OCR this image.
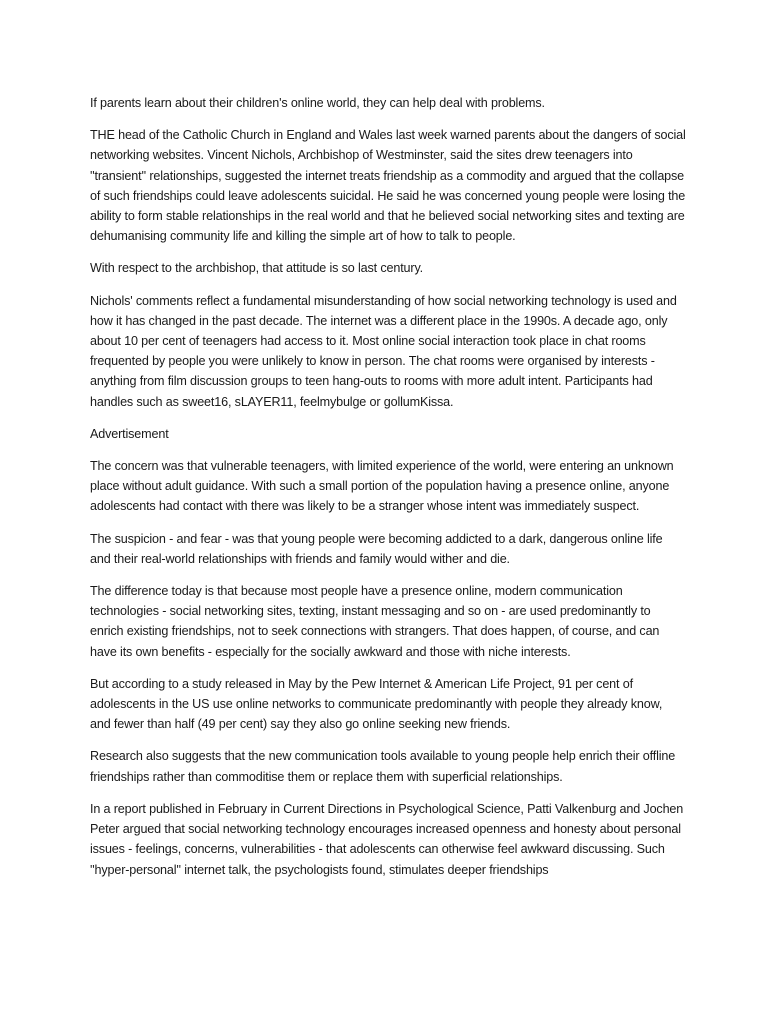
If parents learn about their children's online world, they can help deal with problems.

THE head of the Catholic Church in England and Wales last week warned parents about the dangers of social networking websites. Vincent Nichols, Archbishop of Westminster, said the sites drew teenagers into ''transient'' relationships, suggested the internet treats friendship as a commodity and argued that the collapse of such friendships could leave adolescents suicidal. He said he was concerned young people were losing the ability to form stable relationships in the real world and that he believed social networking sites and texting are dehumanising community life and killing the simple art of how to talk to people.

With respect to the archbishop, that attitude is so last century.

Nichols' comments reflect a fundamental misunderstanding of how social networking technology is used and how it has changed in the past decade. The internet was a different place in the 1990s. A decade ago, only about 10 per cent of teenagers had access to it. Most online social interaction took place in chat rooms frequented by people you were unlikely to know in person. The chat rooms were organised by interests - anything from film discussion groups to teen hang-outs to rooms with more adult intent. Participants had handles such as sweet16, sLAYER11, feelmybulge or gollumKissa.

Advertisement

The concern was that vulnerable teenagers, with limited experience of the world, were entering an unknown place without adult guidance. With such a small portion of the population having a presence online, anyone adolescents had contact with there was likely to be a stranger whose intent was immediately suspect.

The suspicion - and fear - was that young people were becoming addicted to a dark, dangerous online life and their real-world relationships with friends and family would wither and die.

The difference today is that because most people have a presence online, modern communication technologies - social networking sites, texting, instant messaging and so on - are used predominantly to enrich existing friendships, not to seek connections with strangers. That does happen, of course, and can have its own benefits - especially for the socially awkward and those with niche interests.

But according to a study released in May by the Pew Internet & American Life Project, 91 per cent of adolescents in the US use online networks to communicate predominantly with people they already know, and fewer than half (49 per cent) say they also go online seeking new friends.

Research also suggests that the new communication tools available to young people help enrich their offline friendships rather than commoditise them or replace them with superficial relationships.

In a report published in February in Current Directions in Psychological Science, Patti Valkenburg and Jochen Peter argued that social networking technology encourages increased openness and honesty about personal issues - feelings, concerns, vulnerabilities - that adolescents can otherwise feel awkward discussing. Such ''hyper-personal'' internet talk, the psychologists found, stimulates deeper friendships
